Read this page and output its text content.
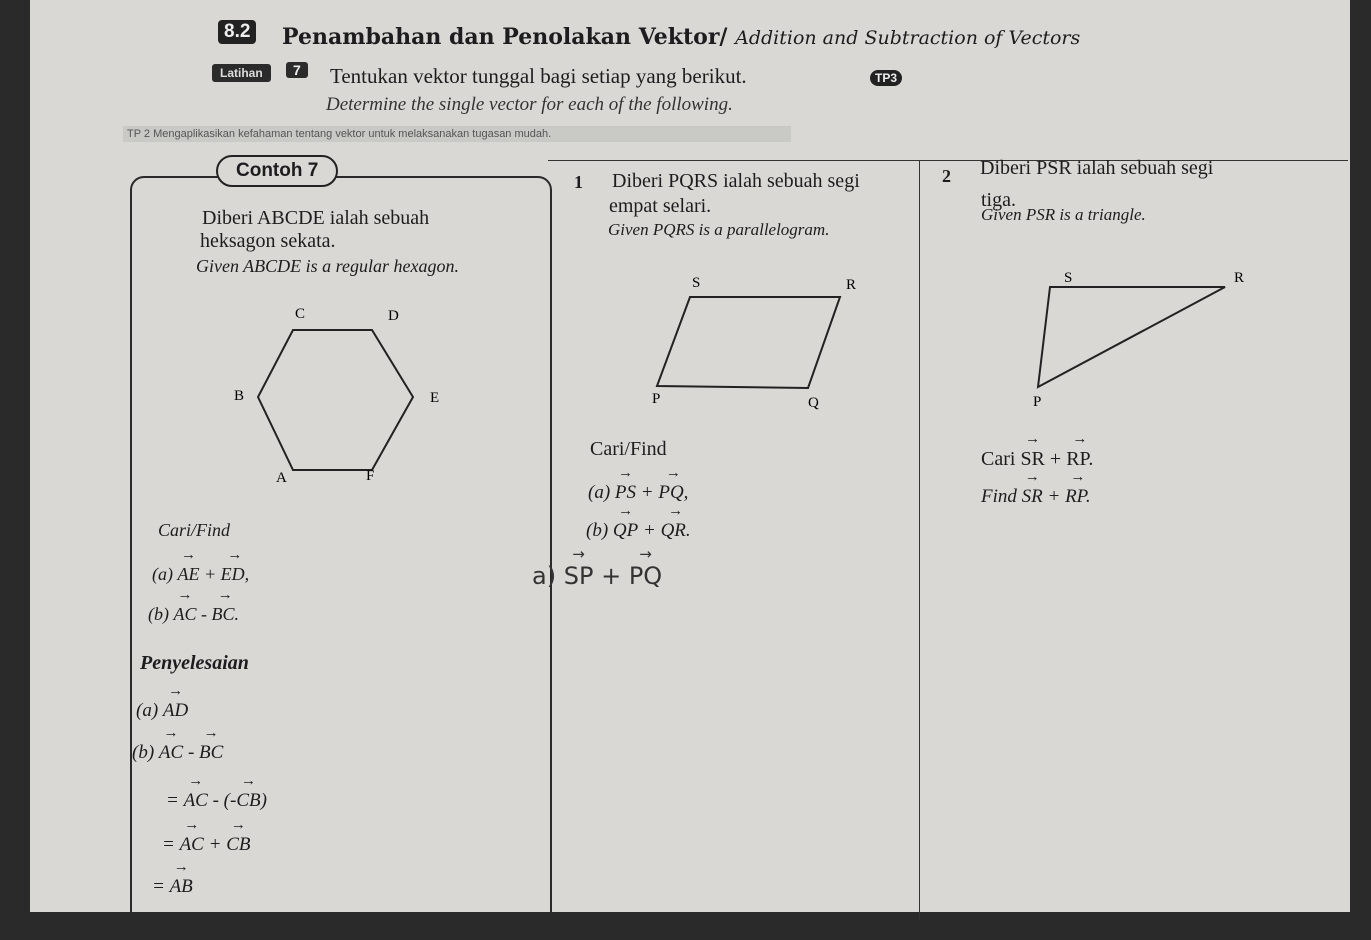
8.2 Penambahan dan Penolakan Vektor/ Addition and Subtraction of Vectors
Latihan	7	Tentukan vektor tunggal bagi setiap yang berikut.	TP3
Determine the single vector for each of the following.
TP 2 Mengaplikasikan kefahaman tentang vektor untuk melaksanakan tugasan mudah.
Contoh 7
Diberi ABCDE ialah sebuah
heksagon sekata.
Given ABCDE is a regular hexagon.
C	D
B	E
A	F
Cari/Find
(a) → AE + → ED,
(b) → AC - → BC.
Penyelesaian
(a) → AD
(b) → AC - → BC
= → AC - (-→ CB)
= → AC + → CB
= → AB
1 Diberi PQRS ialah sebuah segi
empat selari.
Given PQRS is a parallelogram.
S	R
P	Q
Cari/Find
(a) → PS + → PQ,
(b) → QP + → QR.
a) → SP + → PQ
2 Diberi PSR ialah sebuah segi
tiga.
Given PSR is a triangle.
S	R
P
Cari → SR + → RP.
Find → SR + → RP.
